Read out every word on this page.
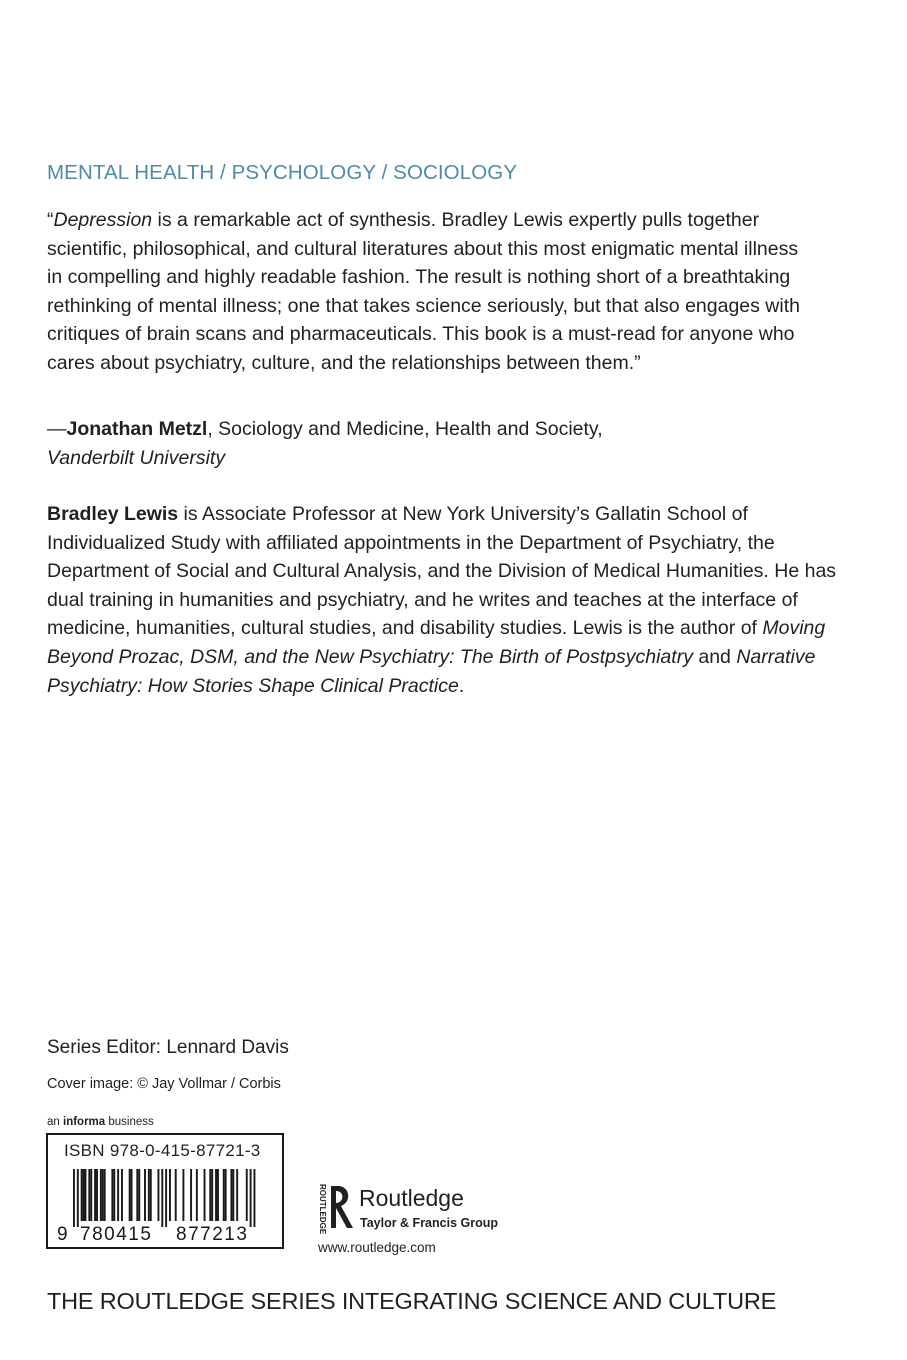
MENTAL HEALTH / PSYCHOLOGY / SOCIOLOGY

“Depression is a remarkable act of synthesis. Bradley Lewis expertly pulls together scientific, philosophical, and cultural literatures about this most enigmatic mental illness in compelling and highly readable fashion. The result is nothing short of a breathtaking rethinking of mental illness; one that takes science seriously, but that also engages with critiques of brain scans and pharmaceuticals. This book is a must-read for anyone who cares about psychiatry, culture, and the relationships between them.”

—Jonathan Metzl, Sociology and Medicine, Health and Society,
Vanderbilt University
Bradley Lewis is Associate Professor at New York University’s Gallatin School of Individualized Study with affiliated appointments in the Department of Psychiatry, the Department of Social and Cultural Analysis, and the Division of Medical Humanities. He has dual training in humanities and psychiatry, and he writes and teaches at the interface of medicine, humanities, cultural studies, and disability studies. Lewis is the author of Moving Beyond Prozac, DSM, and the New Psychiatry: The Birth of Postpsychiatry and Narrative Psychiatry: How Stories Shape Clinical Practice.
Series Editor: Lennard Davis
Cover image: © Jay Vollmar / Corbis
an informa business
ISBN 978-0-415-87721-3
9 780415 877213
ROUTLEDGE Routledge
Taylor & Francis Group
www.routledge.com
THE ROUTLEDGE SERIES INTEGRATING SCIENCE AND CULTURE
